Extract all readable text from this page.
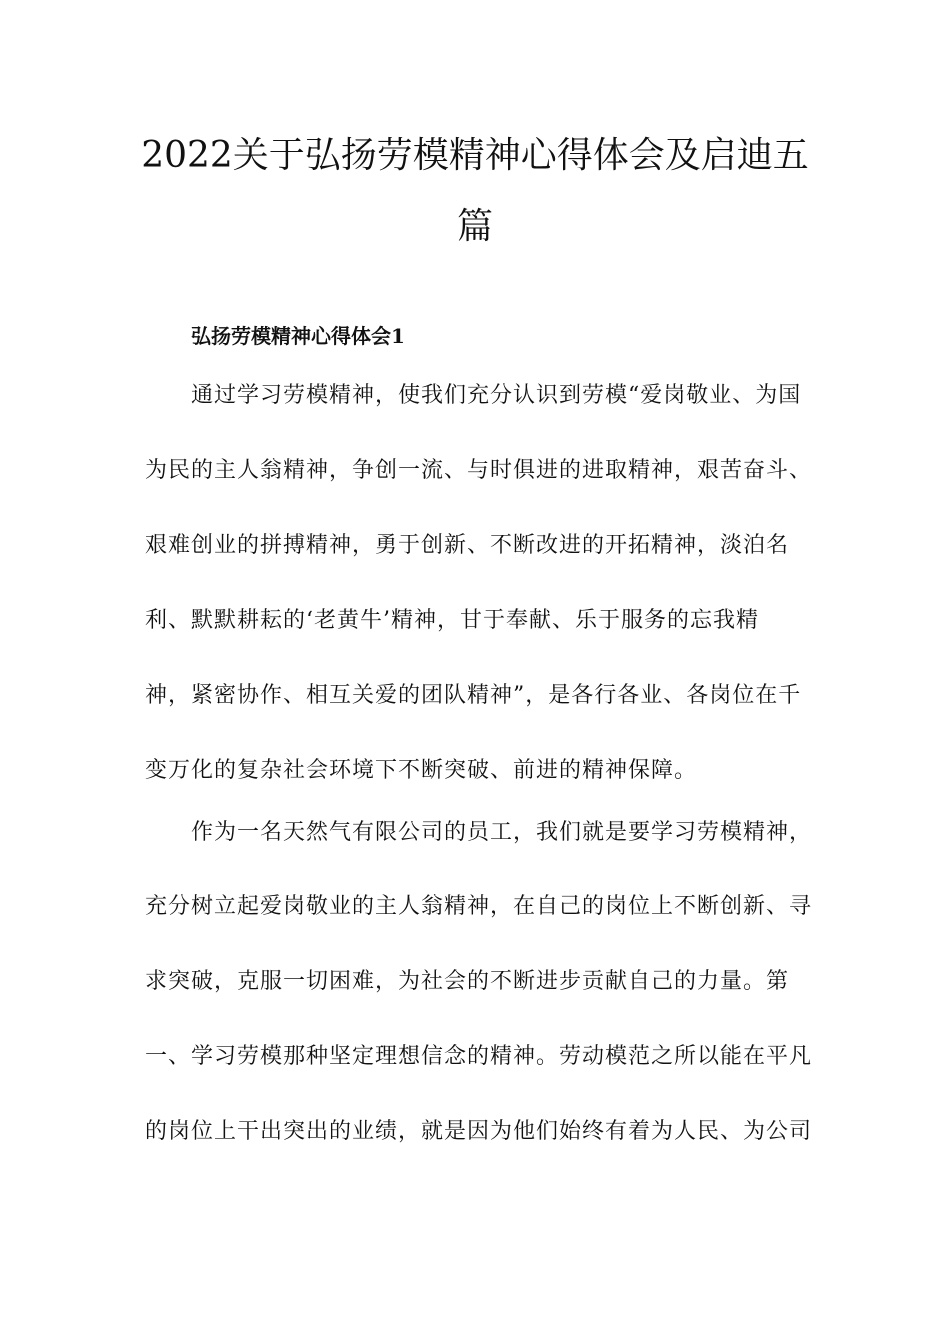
2022关于弘扬劳模精神心得体会及启迪五
篇
弘扬劳模精神心得体会1
通过学习劳模精神，使我们充分认识到劳模“爱岗敬业、为国
为民的主人翁精神，争创一流、与时俱进的进取精神，艰苦奋斗、
艰难创业的拼搏精神，勇于创新、不断改进的开拓精神，淡泊名
利、默默耕耘的‘老黄牛’精神，甘于奉献、乐于服务的忘我精
神，紧密协作、相互关爱的团队精神”，是各行各业、各岗位在千
变万化的复杂社会环境下不断突破、前进的精神保障。
作为一名天然气有限公司的员工，我们就是要学习劳模精神，
充分树立起爱岗敬业的主人翁精神，在自己的岗位上不断创新、寻
求突破，克服一切困难，为社会的不断进步贡献自己的力量。第
一、学习劳模那种坚定理想信念的精神。劳动模范之所以能在平凡
的岗位上干出突出的业绩，就是因为他们始终有着为人民、为公司
